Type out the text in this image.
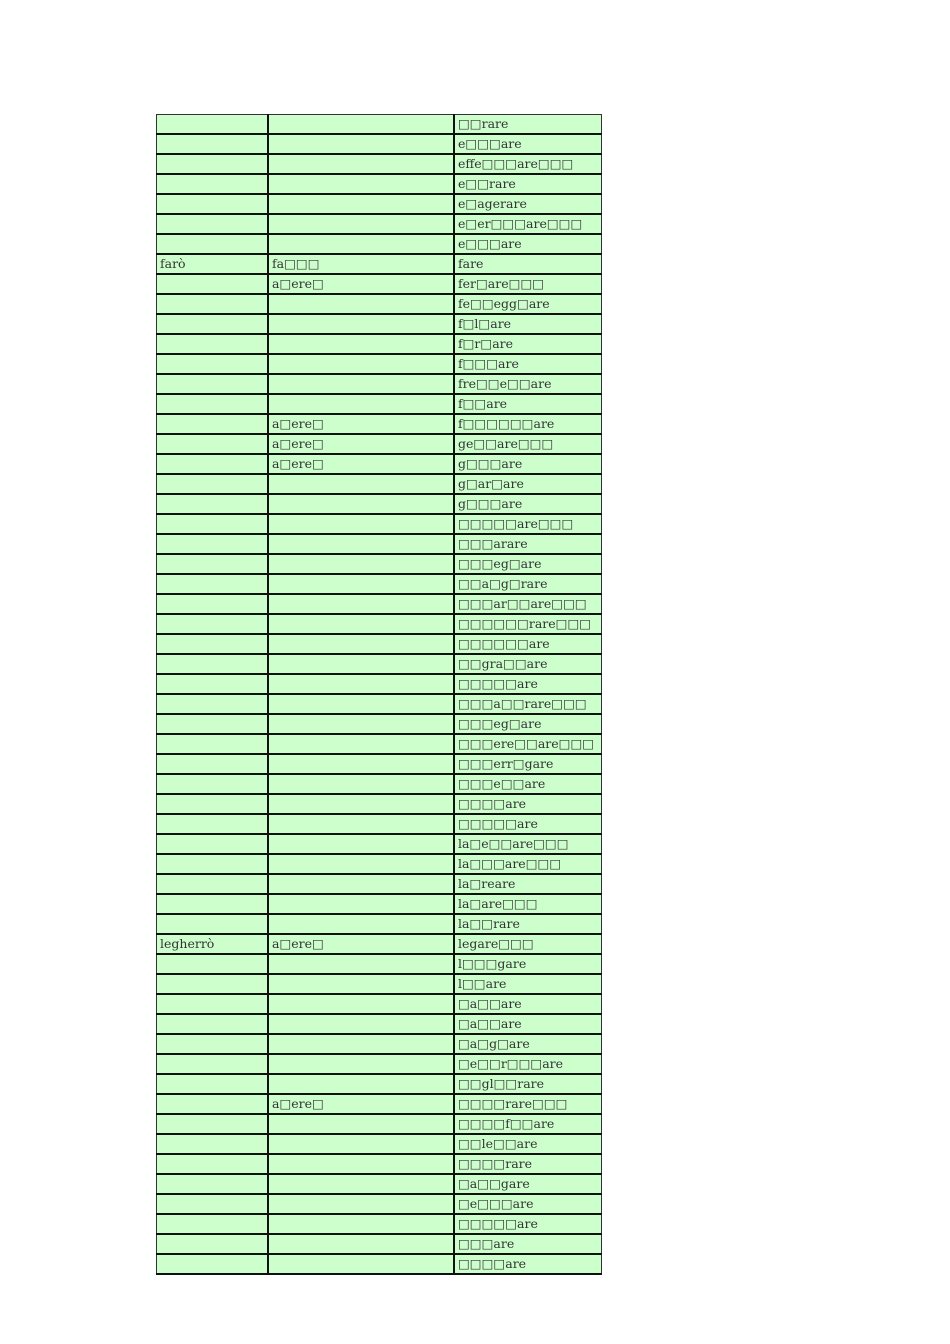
		□□rare
		e□□□are
		effe□□□are□□□
		e□□rare
		e□agerare
		e□er□□□are□□□
		e□□□are
farò	fa□□□	fare
	a□ere□	fer□are□□□
		fe□□egg□are
		f□l□are
		f□r□are
		f□□□are
		fre□□e□□are
		f□□are
	a□ere□	f□□□□□□are
	a□ere□	ge□□are□□□
	a□ere□	g□□□are
		g□ar□are
		g□□□are
		□□□□□are□□□
		□□□arare
		□□□eg□are
		□□a□g□rare
		□□□ar□□are□□□
		□□□□□□rare□□□
		□□□□□□are
		□□gra□□are
		□□□□□are
		□□□a□□rare□□□
		□□□eg□are
		□□□ere□□are□□□
		□□□err□gare
		□□□e□□are
		□□□□are
		□□□□□are
		la□e□□are□□□
		la□□□are□□□
		la□reare
		la□are□□□
		la□□rare
legherrò	a□ere□	legare□□□
		l□□□gare
		l□□are
		□a□□are
		□a□□are
		□a□g□are
		□e□□r□□□are
		□□gl□□rare
	a□ere□	□□□□rare□□□
		□□□□f□□are
		□□le□□are
		□□□□rare
		□a□□gare
		□e□□□are
		□□□□□are
		□□□are
		□□□□are
